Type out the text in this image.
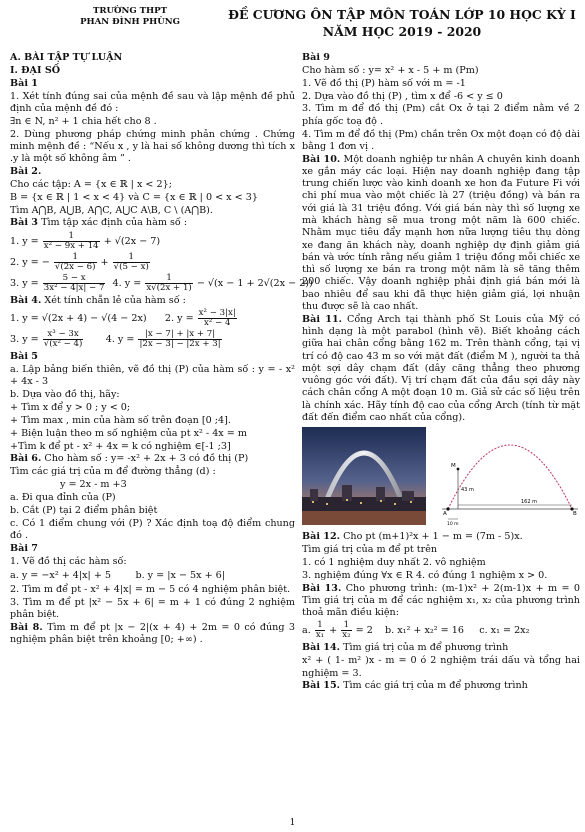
TRƯỜNG THPT
PHAN ĐÌNH PHÙNG
ĐỀ CƯƠNG ÔN TẬP MÔN TOÁN LỚP 10 HỌC KỲ I
NĂM HỌC 2019 - 2020

A. BÀI TẬP TỰ LUẬN

I. ĐẠI SỐ

Bài 1

1. Xét tính đúng sai của mệnh đề sau và lập mệnh đề phủ định của mệnh đề đó :

∃n ∈ N, n² + 1 chia hết cho 8 .

2. Dùng phương pháp chứng minh phản chứng . Chứng minh mệnh đề : “Nếu x , y là hai số không dương thì tích x .y là một số không âm ” .

Bài 2.

Cho các tập: A = {x ∈ ℝ | x < 2};

B = {x ∈ ℝ | 1 < x < 4} và C = {x ∈ ℝ | 0 < x < 3}

Tìm A⋂B, A⋃B, A⋂C, A⋃C A\B, C \ (A⋂B).

Bài 3 Tìm tập xác định của hàm số :

1. $y = \frac{1}{\text{x² − 9x + 14}} + √(2x - 7)$

2. y = − $\frac{1}{√(2x - 6)} + \frac{1}{√(5 - x)}$

3. $y = \frac{5 - x}{\text{3x² − 4|x| − 7}} 4$. $y = \frac{1}{x√(2x + 1)} - √(x - 1 + 2√(2x - 2))$

Bài 4. Xét tính chẵn lẻ của hàm số :

1. y = √(2x + 4) − √(4 − 2x)      2. $y = \frac{\text{x² − 3|x|}}{\text{x² − 4}}$

3. $y = \frac{\text{x³ − 3x}}{\text{√(x² − 4)}} 4$. $y = \frac{|x - 7| + |x + 7|}{|2x - 3| - |2x + 3|}$

Bài 5

a. Lập bảng biến thiên, vẽ đồ thị (P) của hàm số : y = - x² + 4x - 3

b. Dựa vào đồ thị, hãy:

+ Tìm x để y > 0 ; y < 0;

+ Tìm max , min của hàm số trên đoạn [0 ;4].

+ Biện luận theo m số nghiệm của pt x² - 4x = m

+Tìm k để pt - x² + 4x = k có nghiệm ∈[-1 ;3]

Bài 6. Cho hàm số : y= -x² + 2x + 3 có đồ thị (P)

Tìm các giá trị của m để đường thẳng (d) :

y = 2x - m +3

a. Đi qua đỉnh của (P)

b. Cắt (P) tại 2 điểm phân biệt

c. Có 1 điểm chung với (P) ? Xác định toạ độ điểm chung đó .

Bài 7

1. Vẽ đồ thị các hàm số:

a. y = −x² + 4|x| + 5	b. y = |x − 5x + 6|

2. Tìm m để pt - x² + 4|x| = m − 5 có 4 nghiệm phân biệt.

3. Tìm m để pt |x² − 5x + 6| = m + 1 có đúng 2 nghiệm phân biệt.

Bài 8. Tìm m để pt |x − 2|(x + 4) + 2m = 0 có đúng 3 nghiệm phân biệt trên khoảng [0; +∞) .

Bài 9

Cho hàm số : y= x² + x - 5 + m (Pm)

1. Vẽ đồ thị (P) hàm số với m = -1

2. Dựa vào đồ thị (P) , tìm x để -6 < y ≤ 0

3. Tìm m để đồ thị (Pm) cắt Ox ở tại 2 điểm nằm về 2 phía gốc toạ độ .

4. Tìm m để đồ thị (Pm) chắn trên Ox một đoạn có độ dài bằng 1 đơn vị .

Bài 10. Một doanh nghiệp tư nhân A chuyên kinh doanh xe gắn máy các loại. Hiện nay doanh nghiệp đang tập trung chiến lược vào kinh doanh xe hon đa Future Fi với chi phí mua vào một chiếc là 27 (triệu đồng) và bán ra với giá là 31 triệu đồng. Với giá bán này thì số lượng xe mà khách hàng sẽ mua trong một năm là 600 chiếc. Nhằm mục tiêu đẩy mạnh hơn nữa lượng tiêu thụ dòng xe đang ăn khách này, doanh nghiệp dự định giảm giá bán và ước tính rằng nếu giảm 1 triệu đồng mỗi chiếc xe thì số lượng xe bán ra trong một năm là sẽ tăng thêm 200 chiếc. Vậy doanh nghiệp phải định giá bán mới là bao nhiêu để sau khi đã thực hiện giảm giá, lợi nhuận thu được sẽ là cao nhất.

Bài 11. Cổng Arch tại thành phố St Louis của Mỹ có hình dạng là một parabol (hình vẽ). Biết khoảng cách giữa hai chân cổng bằng 162 m. Trên thành cổng, tại vị trí có độ cao 43 m so với mặt đất (điểm M ), người ta thả một sợi dây chạm đất (dây căng thẳng theo phương vuông góc với đất). Vị trí chạm đất của đầu sợi dây này cách chân cổng A một đoạn 10 m. Giả sử các số liệu trên là chính xác. Hãy tính độ cao của cổng Arch (tính từ mặt đất đến điểm cao nhất của cổng).

M
43 m
162 m
A	B
10 m

Bài 12. Cho pt (m+1)²x + 1 − m = (7m - 5)x.

Tìm giá trị của m để pt trên

1. có 1 nghiệm duy nhất 2. vô nghiệm

3. nghiệm đúng ∀x ∈ R 4. có đúng 1 nghiệm x > 0.

Bài 13. Cho phương trình: (m-1)x² + 2(m-1)x + m = 0 Tìm giá trị của m để các nghiệm x₁, x₂ của phương trình thoả mãn điều kiện:

a. $\frac{1}{\text{x₁}} + \frac{1}{\text{x₂}} = 2$    b. x₁² + x₂² = 16 c. x₁ = 2x₂

Bài 14. Tìm giá trị của m để phương trình

x² + ( 1- m² )x - m = 0 ó 2 nghiệm trái dấu và tổng hai nghiệm = 3.

Bài 15. Tìm các giá trị của m để phương trình

1
